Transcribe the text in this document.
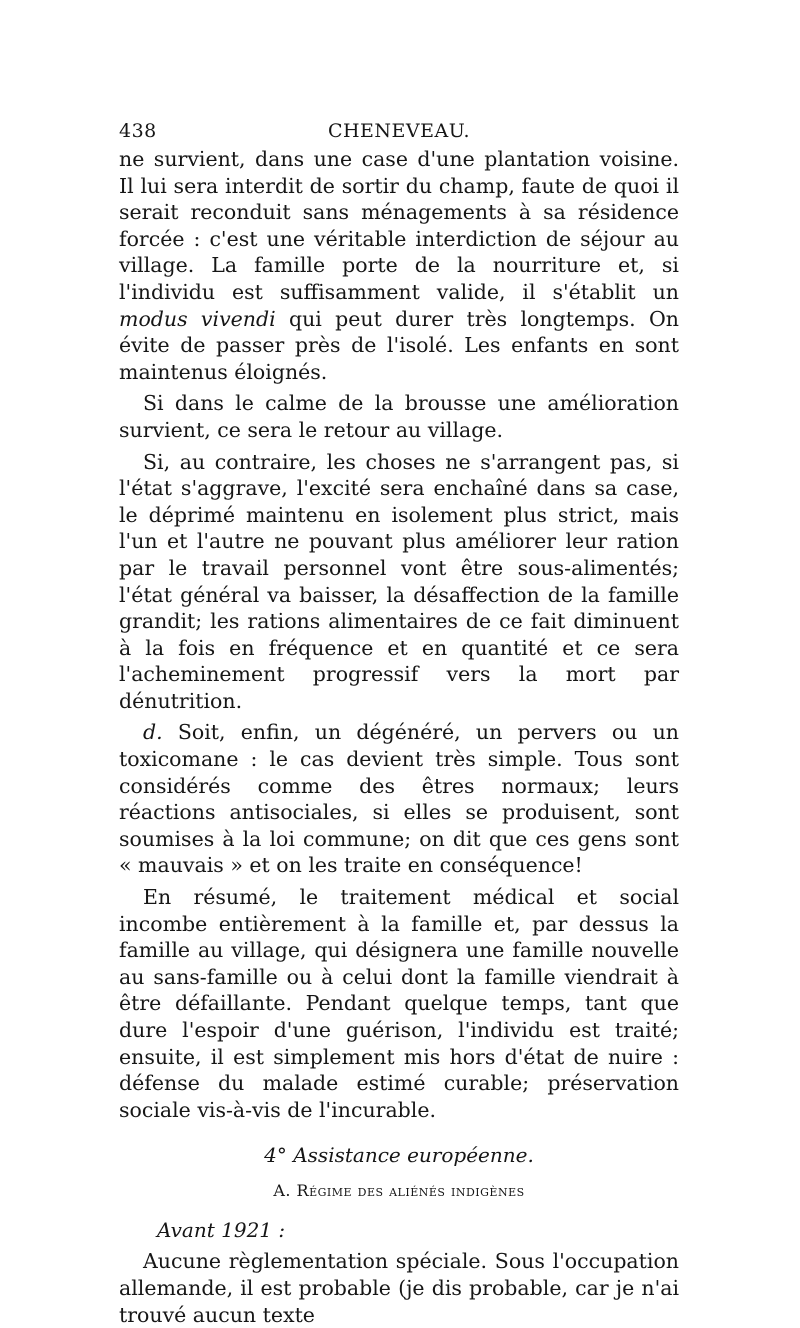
438	CHENEVEAU.

ne survient, dans une case d'une plantation voisine. Il lui sera interdit de sortir du champ, faute de quoi il serait reconduit sans ménagements à sa résidence forcée : c'est une véritable interdiction de séjour au village. La famille porte de la nourriture et, si l'individu est suffisamment valide, il s'établit un modus vivendi qui peut durer très longtemps. On évite de passer près de l'isolé. Les enfants en sont maintenus éloignés.

Si dans le calme de la brousse une amélioration survient, ce sera le retour au village.

Si, au contraire, les choses ne s'arrangent pas, si l'état s'aggrave, l'excité sera enchaîné dans sa case, le déprimé maintenu en isolement plus strict, mais l'un et l'autre ne pouvant plus améliorer leur ration par le travail personnel vont être sous-alimentés; l'état général va baisser, la désaffection de la famille grandit; les rations alimentaires de ce fait diminuent à la fois en fréquence et en quantité et ce sera l'acheminement progressif vers la mort par dénutrition.

d. Soit, enfin, un dégénéré, un pervers ou un toxicomane : le cas devient très simple. Tous sont considérés comme des êtres normaux; leurs réactions antisociales, si elles se produisent, sont soumises à la loi commune; on dit que ces gens sont « mauvais » et on les traite en conséquence!

En résumé, le traitement médical et social incombe entièrement à la famille et, par dessus la famille au village, qui désignera une famille nouvelle au sans-famille ou à celui dont la famille viendrait à être défaillante. Pendant quelque temps, tant que dure l'espoir d'une guérison, l'individu est traité; ensuite, il est simplement mis hors d'état de nuire : défense du malade estimé curable; préservation sociale vis-à-vis de l'incurable.

4° Assistance européenne.
A. Régime des aliénés indigènes
Avant 1921 :

Aucune règlementation spéciale. Sous l'occupation allemande, il est probable (je dis probable, car je n'ai trouvé aucun texte
